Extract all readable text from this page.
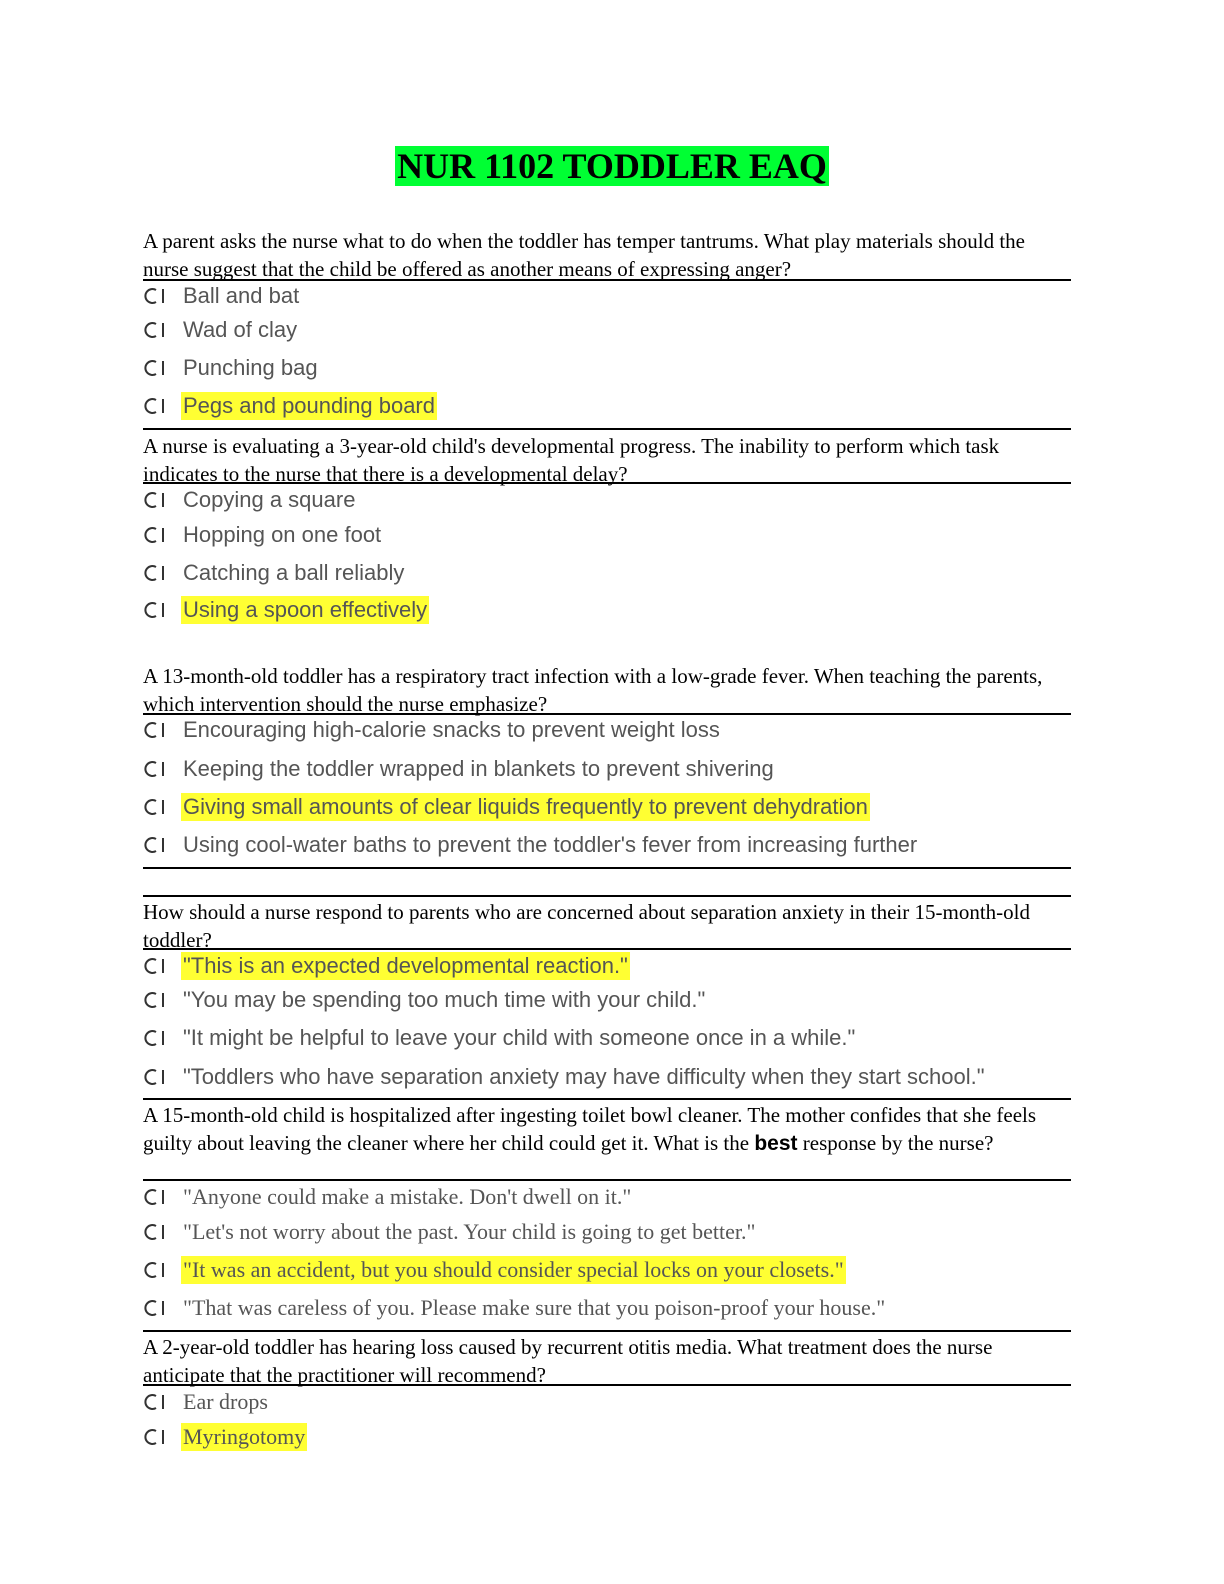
NUR 1102 TODDLER EAQ

A parent asks the nurse what to do when the toddler has temper tantrums. What play materials should the nurse suggest that the child be offered as another means of expressing anger?

Ball and bat
Wad of clay
Punching bag
Pegs and pounding board

A nurse is evaluating a 3-year-old child's developmental progress. The inability to perform which task indicates to the nurse that there is a developmental delay?

Copying a square
Hopping on one foot
Catching a ball reliably
Using a spoon effectively

A 13-month-old toddler has a respiratory tract infection with a low-grade fever. When teaching the parents, which intervention should the nurse emphasize?

Encouraging high-calorie snacks to prevent weight loss
Keeping the toddler wrapped in blankets to prevent shivering
Giving small amounts of clear liquids frequently to prevent dehydration
Using cool-water baths to prevent the toddler's fever from increasing further

How should a nurse respond to parents who are concerned about separation anxiety in their 15-month-old toddler?

"This is an expected developmental reaction."
"You may be spending too much time with your child."
"It might be helpful to leave your child with someone once in a while."
"Toddlers who have separation anxiety may have difficulty when they start school."

A 15-month-old child is hospitalized after ingesting toilet bowl cleaner. The mother confides that she feels guilty about leaving the cleaner where her child could get it. What is the best response by the nurse?

"Anyone could make a mistake. Don't dwell on it."
"Let's not worry about the past. Your child is going to get better."
"It was an accident, but you should consider special locks on your closets."
"That was careless of you. Please make sure that you poison-proof your house."

A 2-year-old toddler has hearing loss caused by recurrent otitis media. What treatment does the nurse anticipate that the practitioner will recommend?

Ear drops
Myringotomy
